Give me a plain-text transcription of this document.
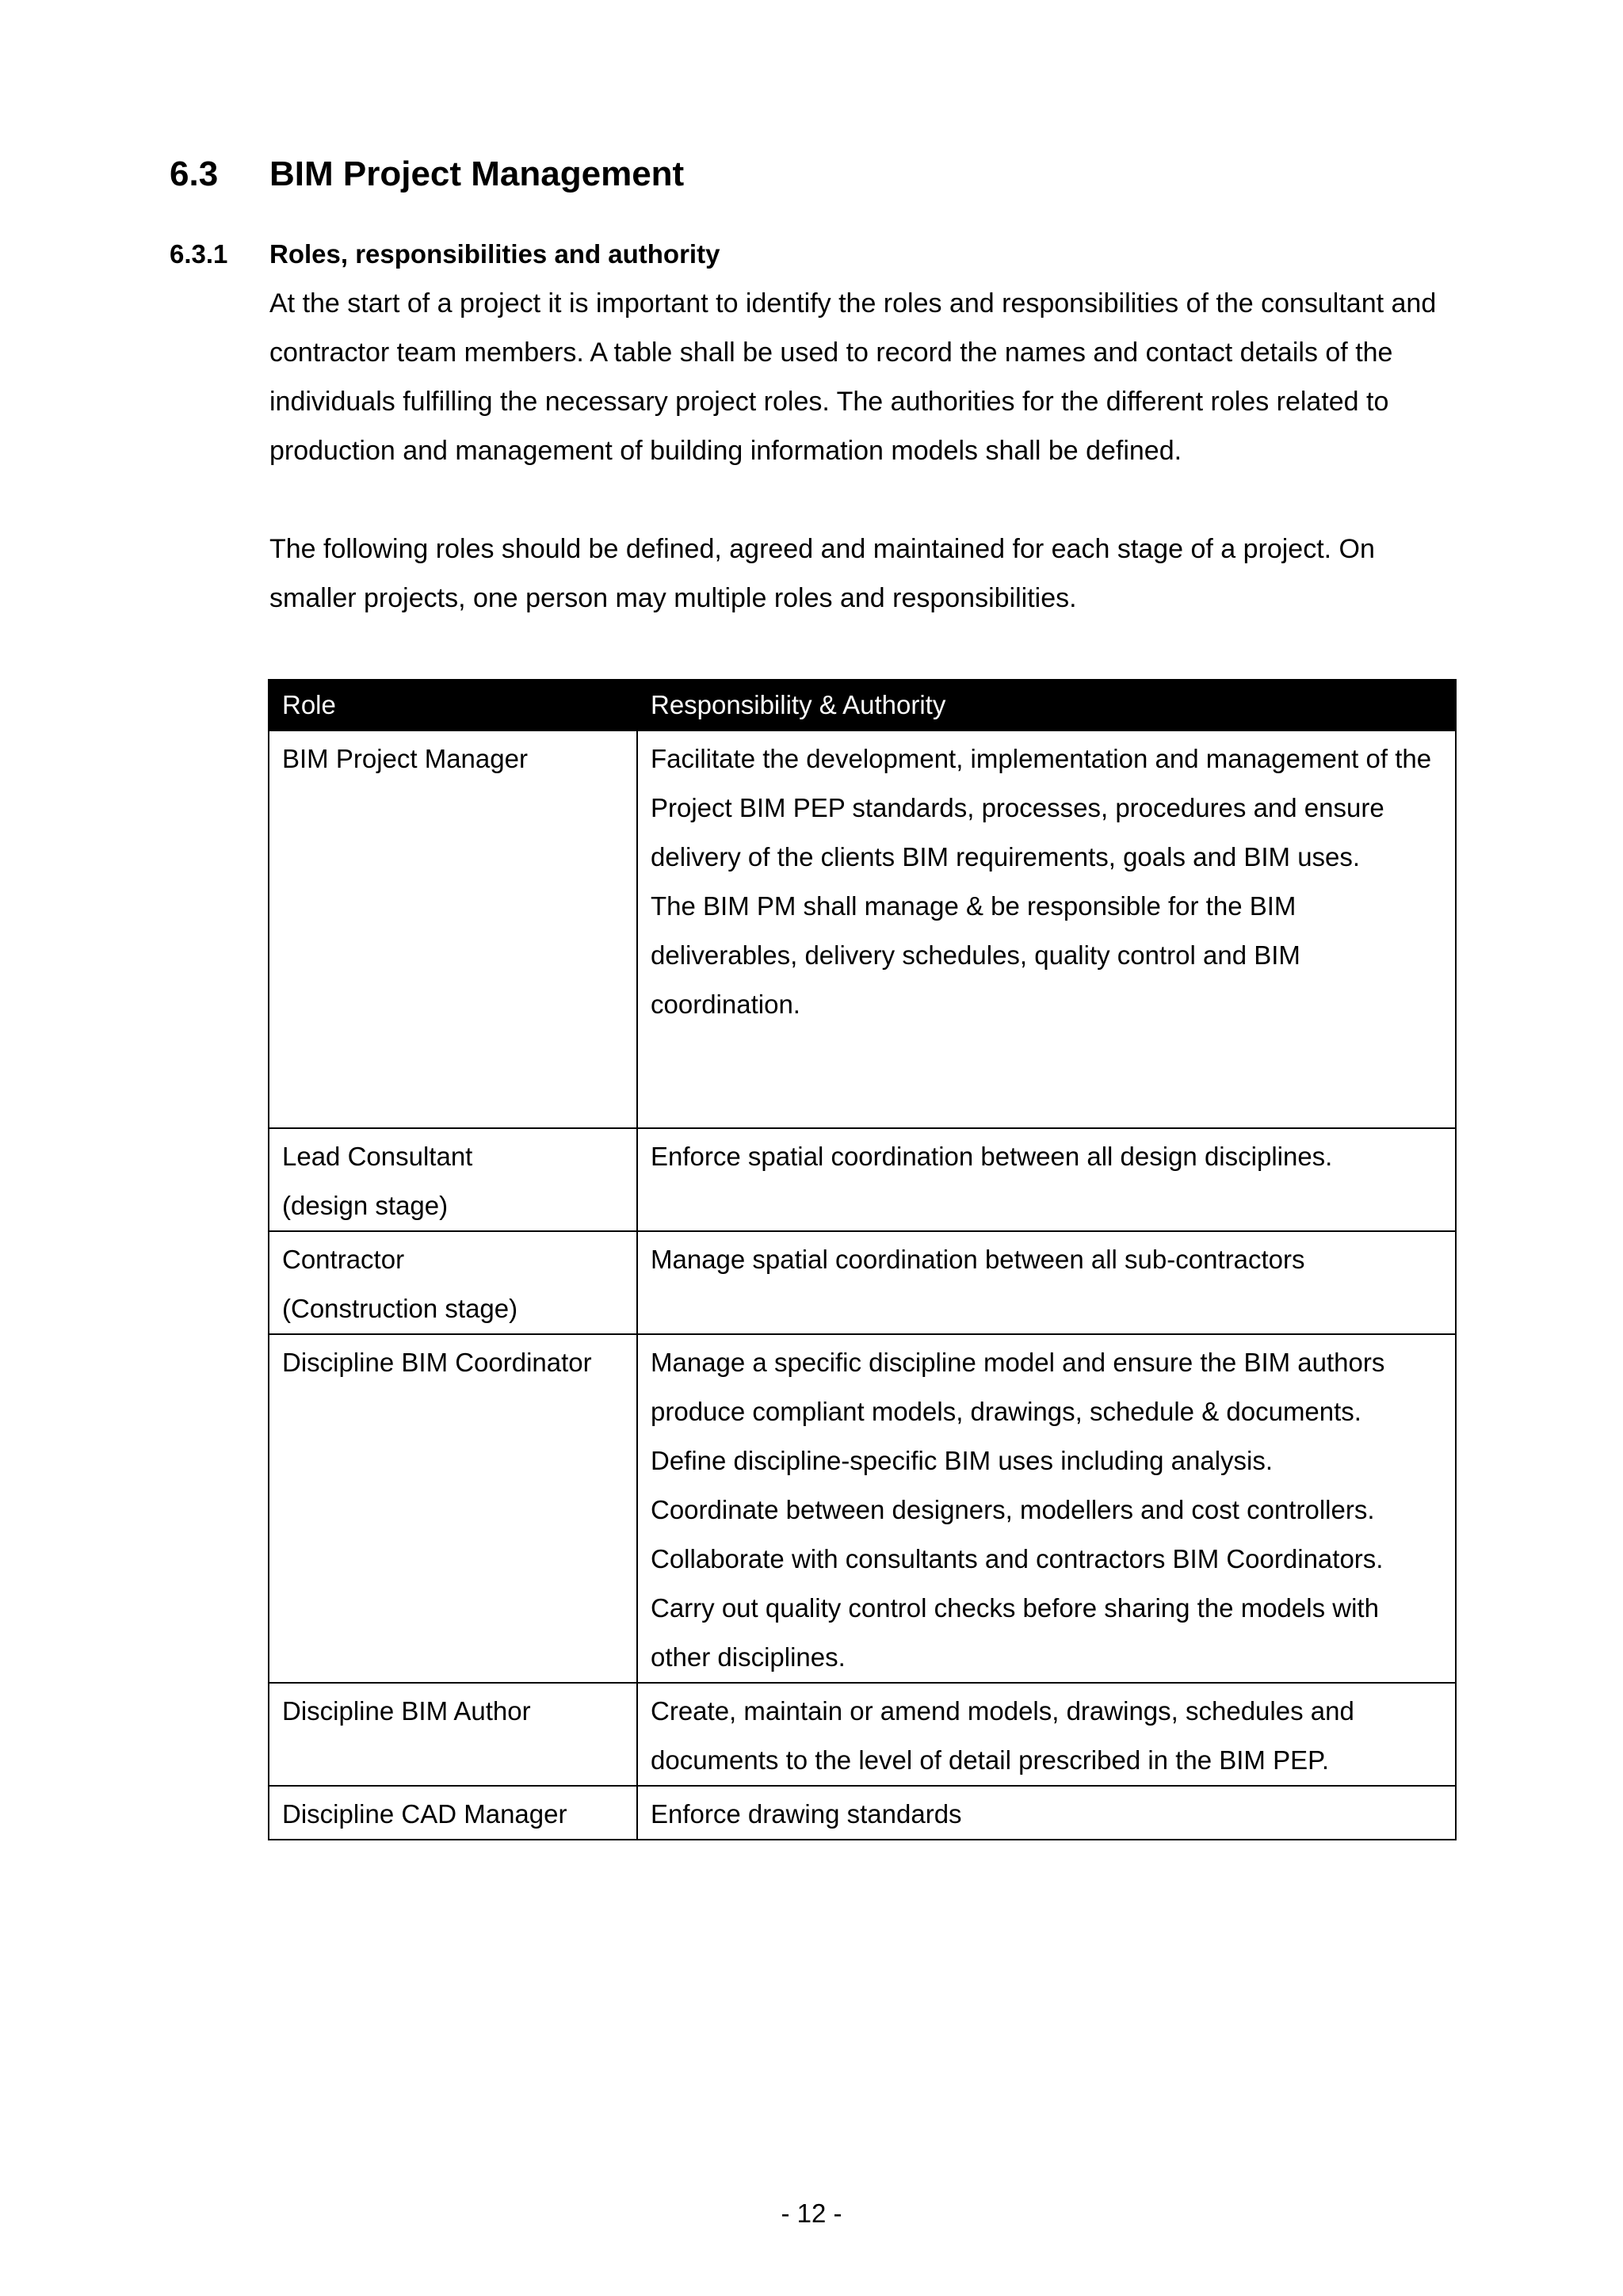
6.3 BIM Project Management
6.3.1 Roles, responsibilities and authority

At the start of a project it is important to identify the roles and responsibilities of the consultant and contractor team members. A table shall be used to record the names and contact details of the individuals fulfilling the necessary project roles. The authorities for the different roles related to production and management of building information models shall be defined.

The following roles should be defined, agreed and maintained for each stage of a project. On smaller projects, one person may multiple roles and responsibilities.

Role	Responsibility & Authority

BIM Project Manager	Facilitate the development, implementation and management of the Project BIM PEP standards, processes, procedures and ensure delivery of the clients BIM requirements, goals and BIM uses.
The BIM PM shall manage & be responsible for the BIM deliverables, delivery schedules, quality control and BIM coordination.

Lead Consultant
(design stage)	Enforce spatial coordination between all design disciplines.

Contractor
(Construction stage)	Manage spatial coordination between all sub-contractors

Discipline BIM Coordinator	Manage a specific discipline model and ensure the BIM authors produce compliant models, drawings, schedule & documents.
Define discipline-specific BIM uses including analysis.
Coordinate between designers, modellers and cost controllers.
Collaborate with consultants and contractors BIM Coordinators.
Carry out quality control checks before sharing the models with other disciplines.

Discipline BIM Author	Create, maintain or amend models, drawings, schedules and documents to the level of detail prescribed in the BIM PEP.

Discipline CAD Manager	Enforce drawing standards
- 12 -
